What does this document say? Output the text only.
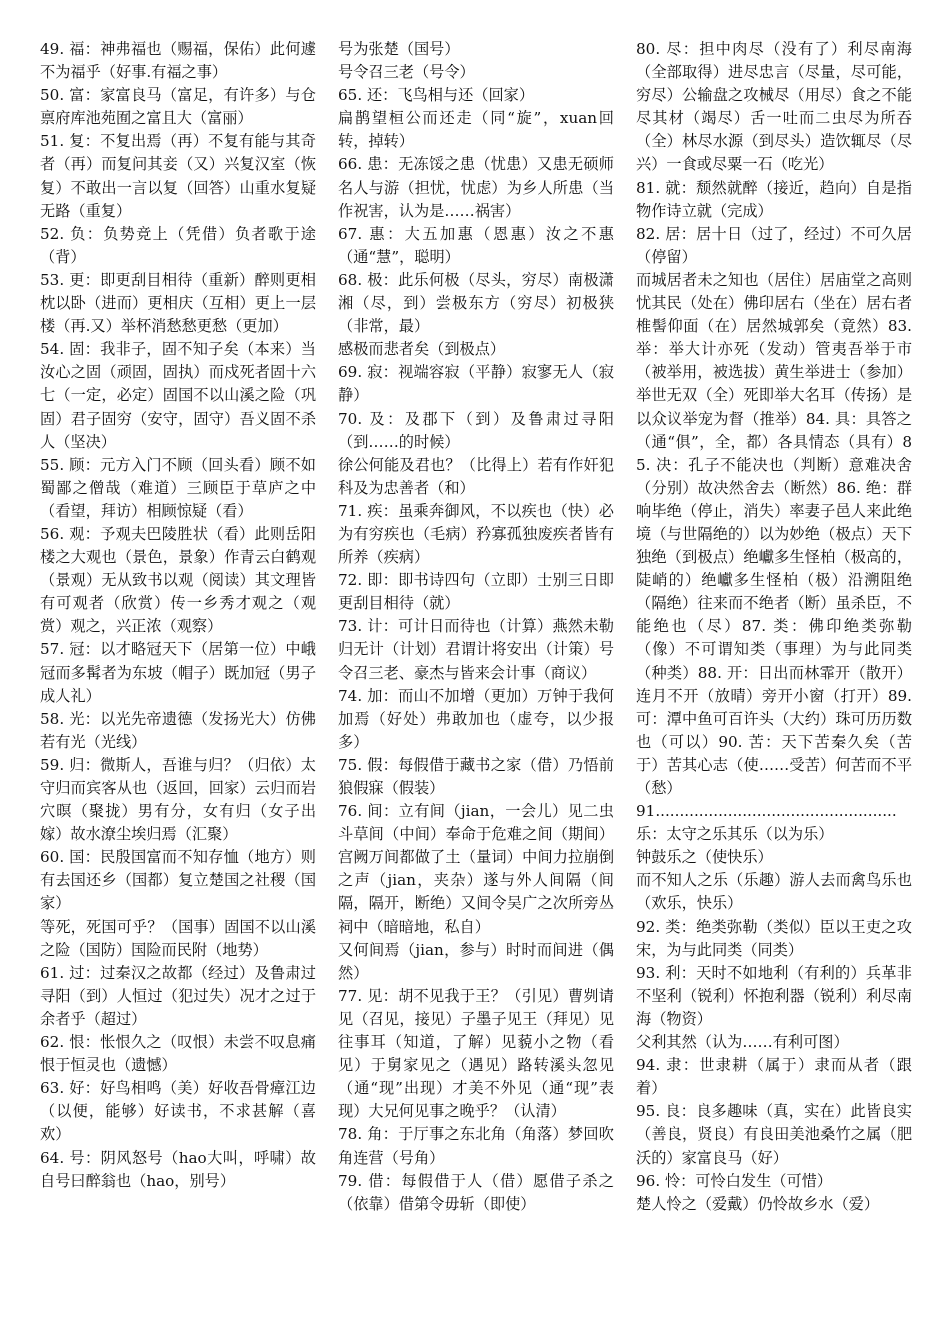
49. 福：神弗福也（赐福，保佑）此何遽不为福乎（好事.有福之事）

50. 富：家富良马（富足，有许多）与仓禀府库池苑囿之富且大（富丽）

51. 复：不复出焉（再）不复有能与其奇者（再）而复问其妾（又）兴复汉室（恢复）不敢出一言以复（回答）山重水复疑无路（重复）

52. 负：负势竞上（凭借）负者歌于途（背）

53. 更：即更刮目相待（重新）醉则更相枕以卧（进而）更相庆（互相）更上一层楼（再.又）举杯消愁愁更愁（更加）

54. 固：我非子，固不知子矣（本来）当汝心之固（顽固，固执）而戍死者固十六七（一定，必定）固国不以山溪之险（巩固）君子固穷（安守，固守）吾义固不杀人（坚决）

55. 顾：元方入门不顾（回头看）顾不如蜀鄙之僧哉（难道）三顾臣于草庐之中（看望，拜访）相顾惊疑（看）

56. 观：予观夫巴陵胜状（看）此则岳阳楼之大观也（景色，景象）作青云白鹤观（景观）无从致书以观（阅读）其文理皆有可观者（欣赏）传一乡秀才观之（观赏）观之，兴正浓（观察）

57. 冠：以才略冠天下（居第一位）中峨冠而多髯者为东坡（帽子）既加冠（男子成人礼）

58. 光：以光先帝遗德（发扬光大）仿佛若有光（光线）

59. 归：微斯人，吾谁与归？（归依）太守归而宾客从也（返回，回家）云归而岩穴暝（聚拢）男有分，女有归（女子出嫁）故水潦尘埃归焉（汇聚）

60. 国：民殷国富而不知存恤（地方）则有去国还乡（国都）复立楚国之社稷（国家）

等死，死国可乎？（国事）固国不以山溪之险（国防）国险而民附（地势）

61. 过：过秦汉之故都（经过）及鲁肃过寻阳（到）人恒过（犯过失）况才之过于余者乎（超过）

62. 恨：怅恨久之（叹恨）未尝不叹息痛恨于恒灵也（遗憾）

63. 好：好鸟相鸣（美）好收吾骨瘴江边（以便，能够）好读书，不求甚解（喜欢）

64. 号：阴风怒号（hao大叫，呼啸）故自号曰醉翁也（hao，别号）

号为张楚（国号）

号令召三老（号令）

65. 还：飞鸟相与还（回家）

扁鹊望桓公而还走（同“旋”，xuan回转，掉转）

66. 患：无冻馁之患（忧患）又患无硕师名人与游（担忧，忧虑）为乡人所患（当作祝害，认为是……祸害）

67. 惠：大五加惠（恩惠）汝之不惠（通“慧”，聪明）

68. 极：此乐何极（尽头，穷尽）南极潇湘（尽，到）尝极东方（穷尽）初极狭（非常，最）

感极而悲者矣（到极点）

69. 寂：视端容寂（平静）寂寥无人（寂静）

70. 及：及郡下（到）及鲁肃过寻阳（到……的时候）

徐公何能及君也？（比得上）若有作奸犯科及为忠善者（和）

71. 疾：虽乘奔御风，不以疾也（快）必为有穷疾也（毛病）矜寡孤独废疾者皆有所养（疾病）

72. 即：即书诗四句（立即）士别三日即更刮目相待（就）

73. 计：可计日而待也（计算）燕然未勒归无计（计划）君谓计将安出（计策）号令召三老、豪杰与皆来会计事（商议）

74. 加：而山不加增（更加）万钟于我何加焉（好处）弗敢加也（虚夸，以少报多）

75. 假：每假借于藏书之家（借）乃悟前狼假寐（假装）

76. 间：立有间（jian，一会儿）见二虫斗草间（中间）奉命于危难之间（期间）宫阙万间都做了土（量词）中间力拉崩倒之声（jian，夹杂）遂与外人间隔（间隔，隔开，断绝）又间令吴广之次所旁丛祠中（暗暗地，私自）

又何间焉（jian，参与）时时而间进（偶然）

77. 见：胡不见我于王？（引见）曹刿请见（召见，接见）子墨子见王（拜见）见往事耳（知道，了解）见藐小之物（看见）于舅家见之（遇见）路转溪头忽见（通“现”出现）才美不外见（通“现”表现）大兄何见事之晚乎？（认清）

78. 角：于厅事之东北角（角落）梦回吹角连营（号角）

79. 借：每假借于人（借）愿借子杀之（依靠）借第令毋斩（即使）

80. 尽：担中肉尽（没有了）利尽南海（全部取得）进尽忠言（尽量，尽可能，穷尽）公输盘之攻械尽（用尽）食之不能尽其材（竭尽）舌一吐而二虫尽为所吞（全）林尽水源（到尽头）造饮辄尽（尽兴）一食或尽粟一石（吃光）

81. 就：颓然就醉（接近，趋向）自是指物作诗立就（完成）

82. 居：居十日（过了，经过）不可久居（停留）

而城居者未之知也（居住）居庙堂之高则忧其民（处在）佛印居右（坐在）居右者椎髻仰面（在）居然城郭矣（竟然）83. 举：举大计亦死（发动）管夷吾举于市（被举用，被选拔）黄生举进士（参加）举世无双（全）死即举大名耳（传扬）是以众议举宠为督（推举）84. 具：具答之（通“俱”，全，都）各具情态（具有）85. 决：孔子不能决也（判断）意难决舍（分别）故决然舍去（断然）86. 绝：群响毕绝（停止，消失）率妻子邑人来此绝境（与世隔绝的）以为妙绝（极点）天下独绝（到极点）绝巘多生怪柏（极高的，陡峭的）绝巘多生怪柏（极）沿溯阻绝（隔绝）往来而不绝者（断）虽杀臣，不能绝也（尽）87. 类：佛印绝类弥勒（像）不可谓知类（事理）为与此同类（种类）88. 开：日出而林霏开（散开）连月不开（放晴）旁开小窗（打开）89. 可：潭中鱼可百许头（大约）珠可历历数也（可以）90. 苦：天下苦秦久矣（苦于）苦其心志（使……受苦）何苦而不平（愁）

91..................................................乐：太守之乐其乐（以为乐）

钟鼓乐之（使快乐）

而不知人之乐（乐趣）游人去而禽鸟乐也（欢乐，快乐）

92. 类：绝类弥勒（类似）臣以王吏之攻宋，为与此同类（同类）

93. 利：天时不如地利（有利的）兵革非不坚利（锐利）怀抱利器（锐利）利尽南海（物资）

父利其然（认为……有利可图）

94. 隶：世隶耕（属于）隶而从者（跟着）

95. 良：良多趣味（真，实在）此皆良实（善良，贤良）有良田美池桑竹之属（肥沃的）家富良马（好）

96. 怜：可怜白发生（可惜）

楚人怜之（爱戴）仍怜故乡水（爱）
